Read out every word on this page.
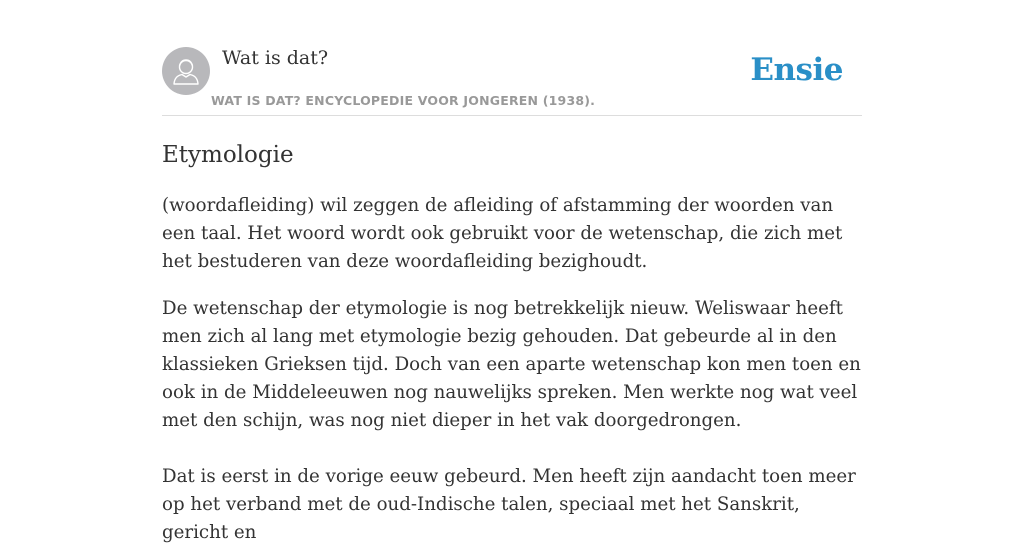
Wat is dat?
WAT IS DAT? ENCYCLOPEDIE VOOR JONGEREN (1938).
Ensie
Etymologie

(woordafleiding) wil zeggen de afleiding of afstamming der woorden van een taal. Het woord wordt ook gebruikt voor de wetenschap, die zich met het bestuderen van deze woordafleiding bezighoudt.

De wetenschap der etymologie is nog betrekkelijk nieuw. Weliswaar heeft men zich al lang met etymologie bezig gehouden. Dat gebeurde al in den klassieken Grieksen tijd. Doch van een aparte wetenschap kon men toen en ook in de Middeleeuwen nog nauwelijks spreken. Men werkte nog wat veel met den schijn, was nog niet dieper in het vak doorgedrongen.

Dat is eerst in de vorige eeuw gebeurd. Men heeft zijn aandacht toen meer op het verband met de oud-Indische talen, speciaal met het Sanskrit, gericht en
